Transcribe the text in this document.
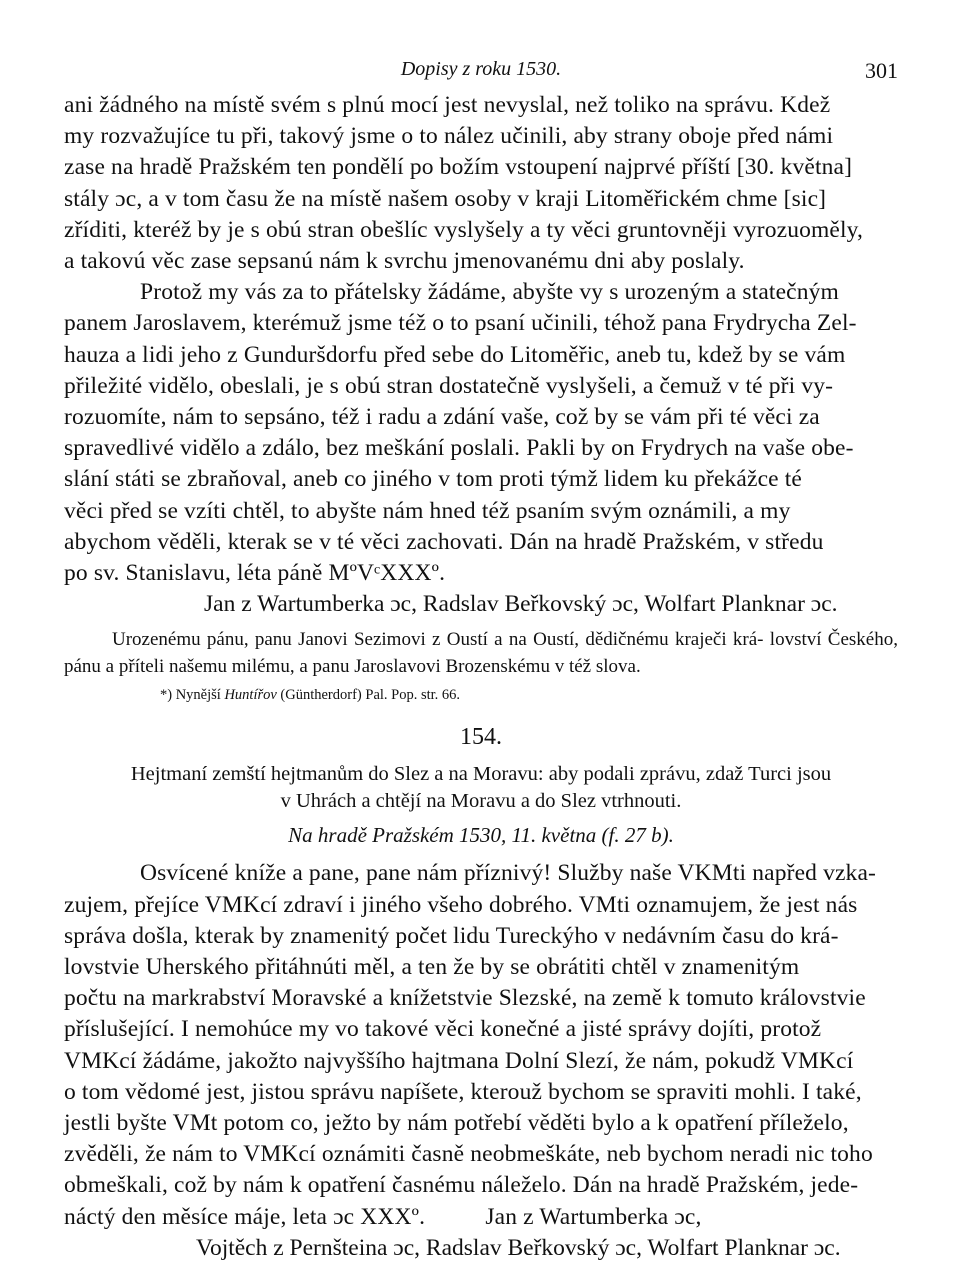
Dopisy z roku 1530.	301
ani žádného na místě svém s plnú mocí jest nevyslal, než toliko na správu. Kdež
my rozvažujíce tu při, takový jsme o to nález učinili, aby strany oboje před námi
zase na hradě Pražském ten pondělí po božím vstoupení najprvé příští [30. května]
stály ɔc, a v tom času že na místě našem osoby v kraji Litoměřickém chme [sic]
zříditi, kteréž by je s obú stran obešlíc vyslyšely a ty věci gruntovněji vyrozuoměly,
a takovú věc zase sepsanú nám k svrchu jmenovanému dni aby poslaly.
Protož my vás za to přátelsky žádáme, abyšte vy s urozeným a statečným
panem Jaroslavem, kterémuž jsme též o to psaní učinili, téhož pana Frydrycha Zel-
hauza a lidi jeho z Gunduršdorfu před sebe do Litoměřic, aneb tu, kdež by se vám
přiležité vidělo, obeslali, je s obú stran dostatečně vyslyšeli, a čemuž v té při vy-
rozuomíte, nám to sepsáno, též i radu a zdání vaše, což by se vám při té věci za
spravedlivé vidělo a zdálo, bez meškání poslali. Pakli by on Frydrych na vaše obe-
slání státi se zbraňoval, aneb co jiného v tom proti týmž lidem ku překážce té
věci před se vzíti chtěl, to abyšte nám hned též psaním svým oznámili, a my
abychom věděli, kterak se v té věci zachovati. Dán na hradě Pražském, v středu
po sv. Stanislavu, léta páně MºVᶜXXXº.
Jan z Wartumberka ɔc, Radslav Beřkovský ɔc, Wolfart Planknar ɔc.
Urozenému pánu, panu Janovi Sezimovi z Oustí a na Oustí, dědičnému kraječi krá- lovství Českého, pánu a příteli našemu milému, a panu Jaroslavovi Brozenskému v též slova.
*) Nynější Huntířov (Güntherdorf) Pal. Pop. str. 66.
154.
Hejtmaní zemští hejtmanům do Slez a na Moravu: aby podali zprávu, zdaž Turci jsou
v Uhrách a chtějí na Moravu a do Slez vtrhnouti.
Na hradě Pražském 1530, 11. května (f. 27 b).
Osvícené kníže a pane, pane nám příznivý! Služby naše VKMti napřed vzka-
zujem, přejíce VMKcí zdraví i jiného všeho dobrého. VMti oznamujem, že jest nás
správa došla, kterak by znamenitý počet lidu Tureckýho v nedávním času do krá-
lovstvie Uherského přitáhnúti měl, a ten že by se obrátiti chtěl v znamenitým
počtu na markrabství Moravské a knížetstvie Slezské, na země k tomuto královstvie
příslušející. I nemohúce my vo takové věci konečné a jisté správy dojíti, protož
VMKcí žádáme, jakožto najvyššího hajtmana Dolní Slezí, že nám, pokudž VMKcí
o tom vědomé jest, jistou správu napíšete, kterouž bychom se spraviti mohli. I také,
jestli byšte VMt potom co, ježto by nám potřebí věděti bylo a k opatření příleželo,
zvěděli, že nám to VMKcí oznámiti časně neobmeškáte, neb bychom neradi nic toho
obmeškali, což by nám k opatření časnému náleželo. Dán na hradě Pražském, jede-
náctý den měsíce máje, leta ɔc XXXº.          Jan z Wartumberka ɔc,
Vojtěch z Pernšteina ɔc, Radslav Beřkovský ɔc, Wolfart Planknar ɔc.
